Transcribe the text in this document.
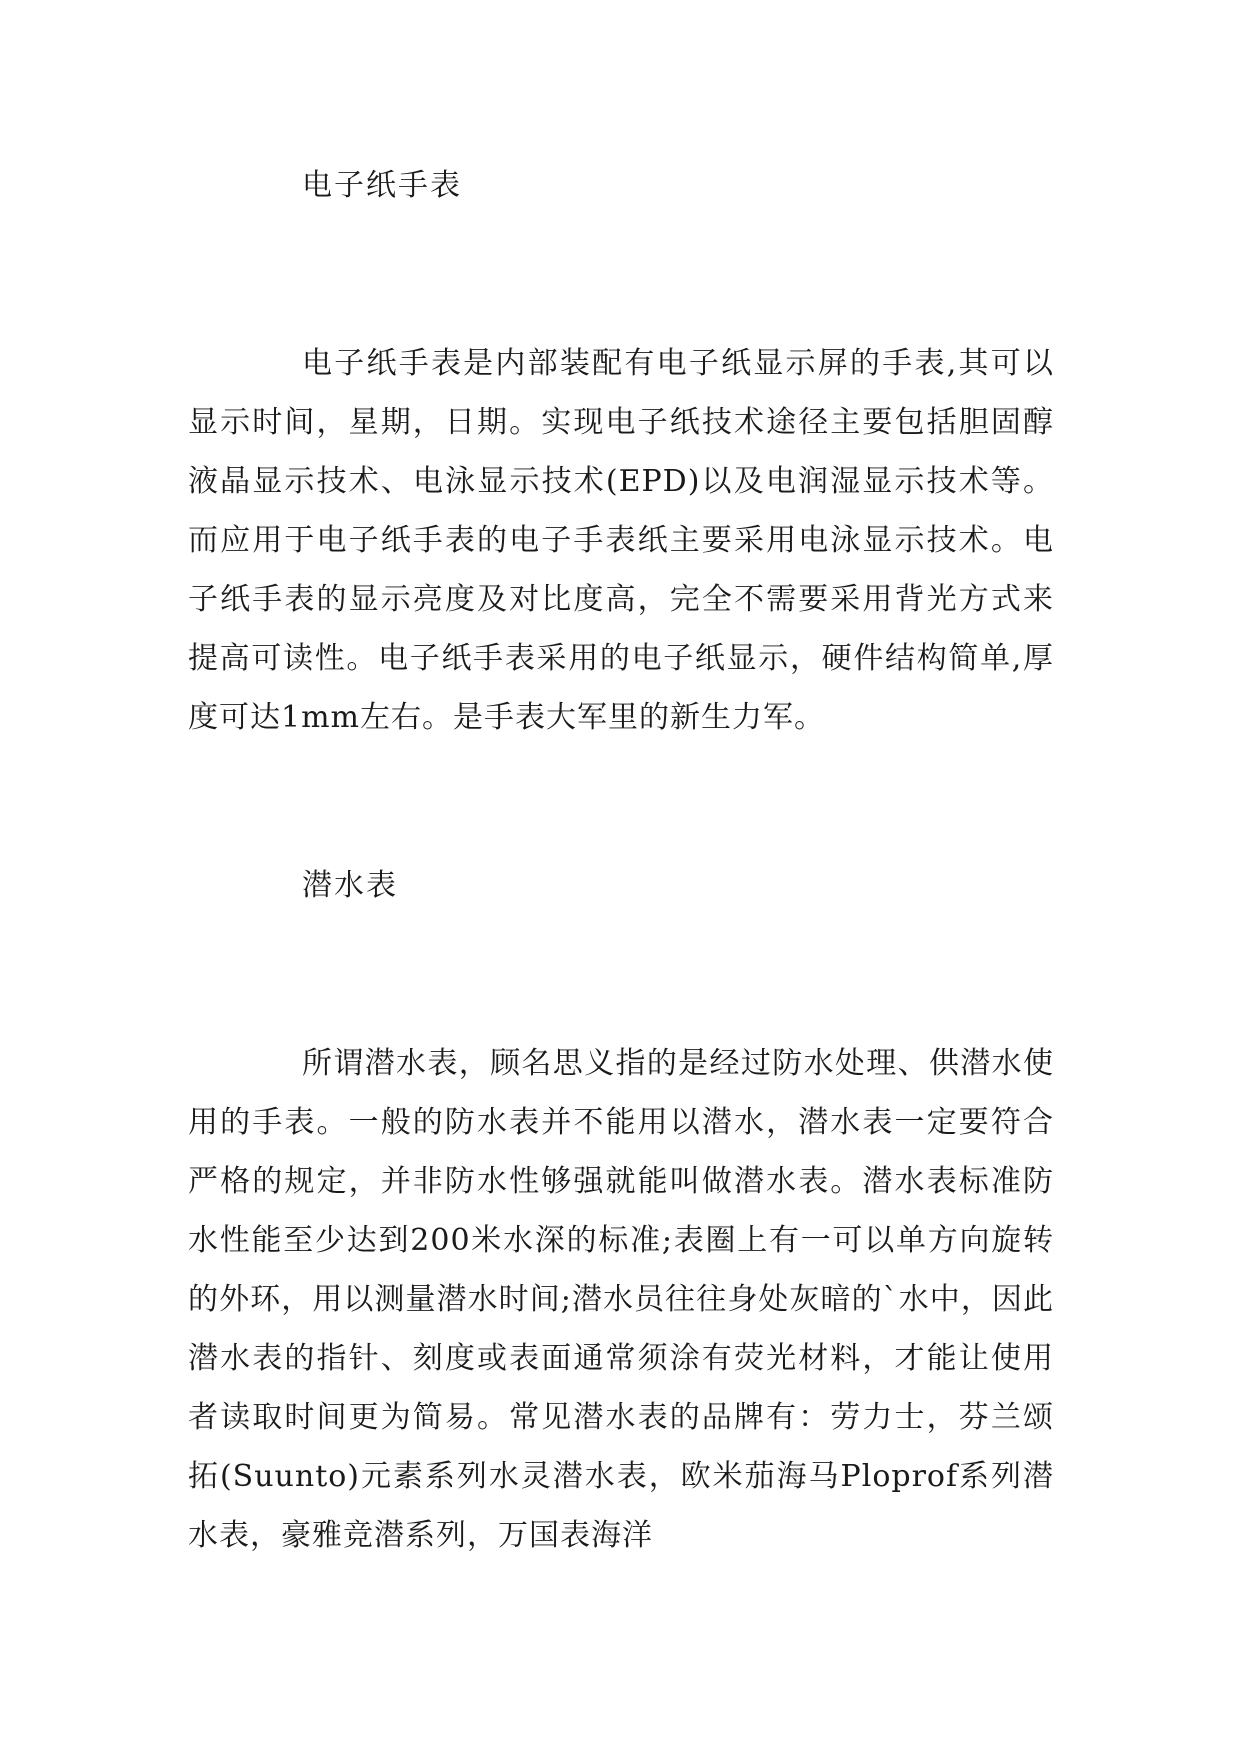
电子纸手表

电子纸手表是内部装配有电子纸显示屏的手表,其可以显示时间，星期，日期。实现电子纸技术途径主要包括胆固醇液晶显示技术、电泳显示技术(EPD)以及电润湿显示技术等。而应用于电子纸手表的电子手表纸主要采用电泳显示技术。电子纸手表的显示亮度及对比度高，完全不需要采用背光方式来提高可读性。电子纸手表采用的电子纸显示，硬件结构简单,厚度可达1mm左右。是手表大军里的新生力军。

潜水表

所谓潜水表，顾名思义指的是经过防水处理、供潜水使用的手表。一般的防水表并不能用以潜水，潜水表一定要符合严格的规定，并非防水性够强就能叫做潜水表。潜水表标准防水性能至少达到200米水深的标准;表圈上有一可以单方向旋转的外环，用以测量潜水时间;潜水员往往身处灰暗的`水中，因此潜水表的指针、刻度或表面通常须涂有荧光材料，才能让使用者读取时间更为简易。常见潜水表的品牌有：劳力士，芬兰颂拓(Suunto)元素系列水灵潜水表，欧米茄海马Ploprof系列潜水表，豪雅竞潜系列，万国表海洋
